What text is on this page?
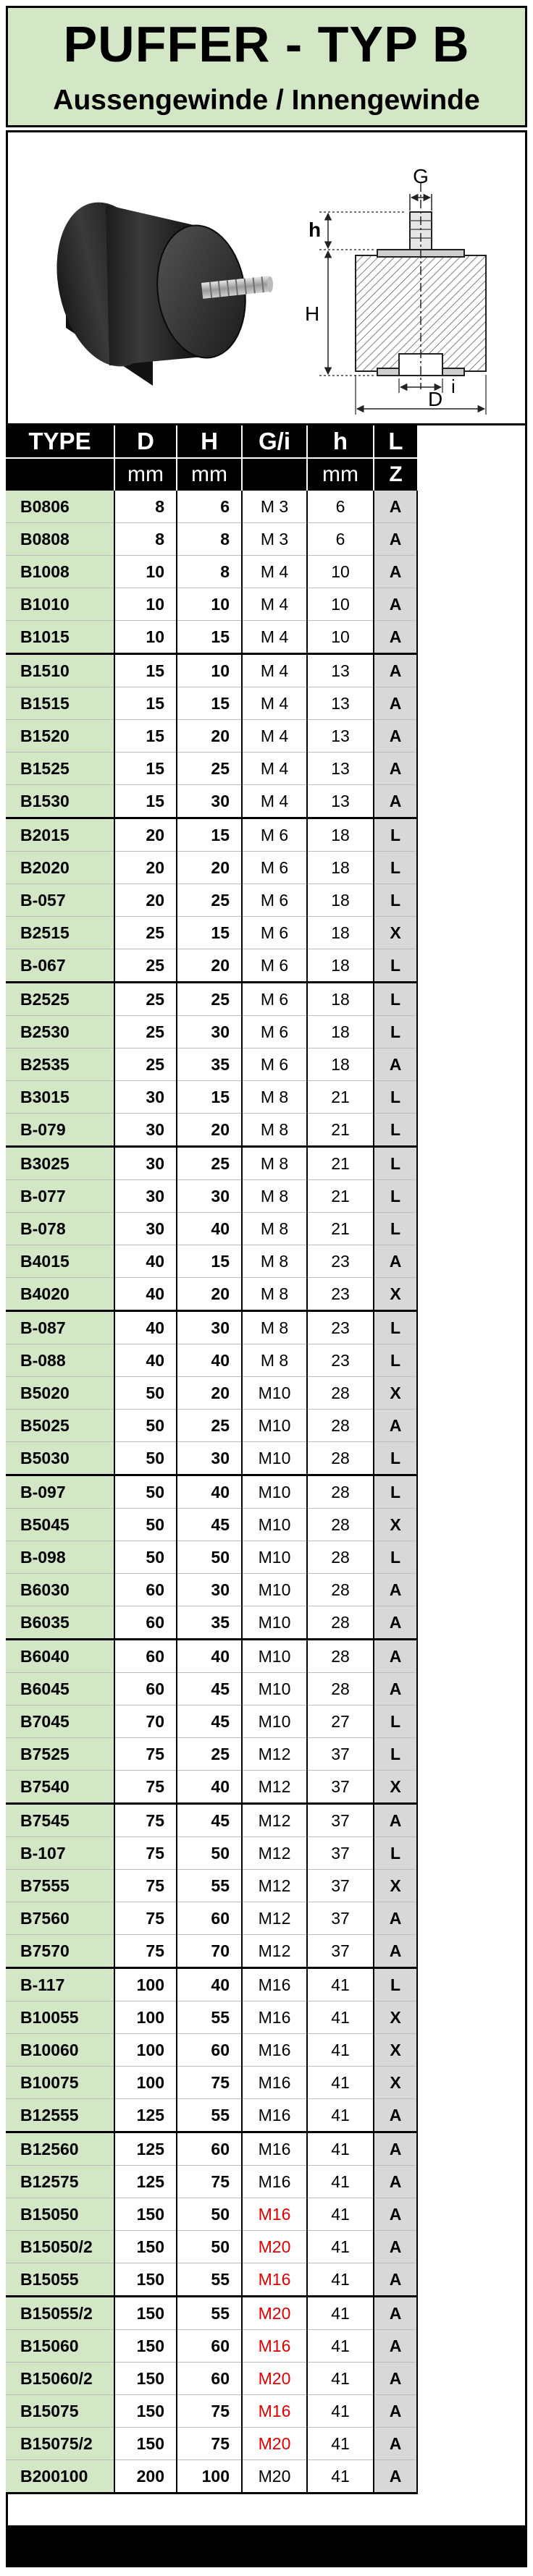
PUFFER - TYP B
Aussengewinde / Innengewinde
G
h
H
i
D
TYPE	D	H	G/i	h	L
	mm	mm		mm	Z
B0806	8	6	M 3	6	A
B0808	8	8	M 3	6	A
B1008	10	8	M 4	10	A
B1010	10	10	M 4	10	A
B1015	10	15	M 4	10	A
B1510	15	10	M 4	13	A
B1515	15	15	M 4	13	A
B1520	15	20	M 4	13	A
B1525	15	25	M 4	13	A
B1530	15	30	M 4	13	A
B2015	20	15	M 6	18	L
B2020	20	20	M 6	18	L
B-057	20	25	M 6	18	L
B2515	25	15	M 6	18	X
B-067	25	20	M 6	18	L
B2525	25	25	M 6	18	L
B2530	25	30	M 6	18	L
B2535	25	35	M 6	18	A
B3015	30	15	M 8	21	L
B-079	30	20	M 8	21	L
B3025	30	25	M 8	21	L
B-077	30	30	M 8	21	L
B-078	30	40	M 8	21	L
B4015	40	15	M 8	23	A
B4020	40	20	M 8	23	X
B-087	40	30	M 8	23	L
B-088	40	40	M 8	23	L
B5020	50	20	M10	28	X
B5025	50	25	M10	28	A
B5030	50	30	M10	28	L
B-097	50	40	M10	28	L
B5045	50	45	M10	28	X
B-098	50	50	M10	28	L
B6030	60	30	M10	28	A
B6035	60	35	M10	28	A
B6040	60	40	M10	28	A
B6045	60	45	M10	28	A
B7045	70	45	M10	27	L
B7525	75	25	M12	37	L
B7540	75	40	M12	37	X
B7545	75	45	M12	37	A
B-107	75	50	M12	37	L
B7555	75	55	M12	37	X
B7560	75	60	M12	37	A
B7570	75	70	M12	37	A
B-117	100	40	M16	41	L
B10055	100	55	M16	41	X
B10060	100	60	M16	41	X
B10075	100	75	M16	41	X
B12555	125	55	M16	41	A
B12560	125	60	M16	41	A
B12575	125	75	M16	41	A
B15050	150	50	M16	41	A
B15050/2	150	50	M20	41	A
B15055	150	55	M16	41	A
B15055/2	150	55	M20	41	A
B15060	150	60	M16	41	A
B15060/2	150	60	M20	41	A
B15075	150	75	M16	41	A
B15075/2	150	75	M20	41	A
B200100	200	100	M20	41	A
